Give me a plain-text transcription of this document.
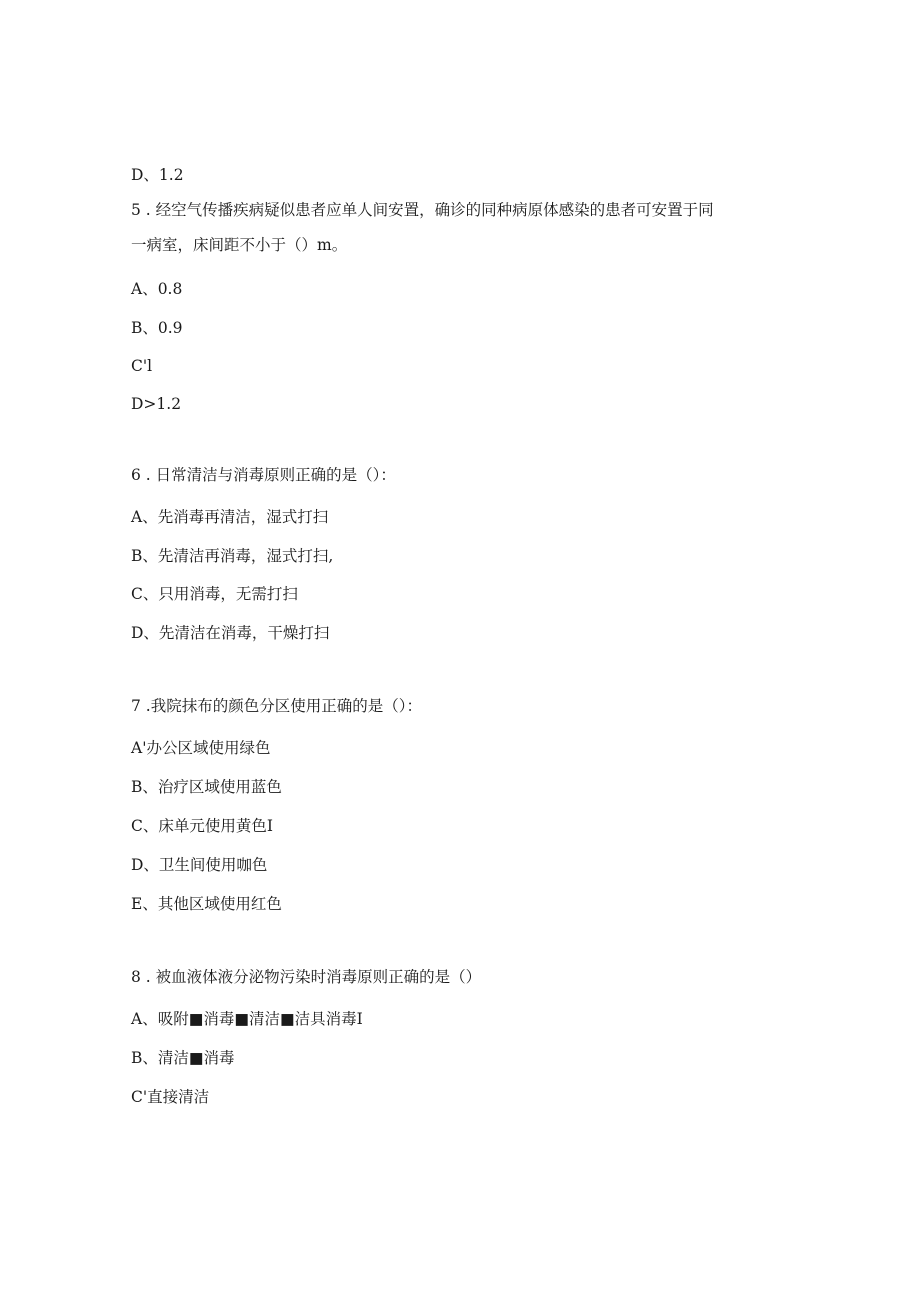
D、1.2
5 . 经空气传播疾病疑似患者应单人间安置，确诊的同种病原体感染的患者可安置于同
一病室，床间距不小于（）m。
A、0.8
B、0.9
C'l
D>1.2
6 . 日常清洁与消毒原则正确的是（）：
A、先消毒再清洁，湿式打扫
B、先清洁再消毒，湿式打扫,
C、只用消毒，无需打扫
D、先清洁在消毒，干燥打扫
7 .我院抹布的颜色分区使用正确的是（）：
A'办公区域使用绿色
B、治疗区域使用蓝色
C、床单元使用黄色I
D、卫生间使用咖色
E、其他区域使用红色
8 . 被血液体液分泌物污染时消毒原则正确的是（）
A、吸附■消毒■清洁■洁具消毒I
B、清洁■消毒
C'直接清洁
